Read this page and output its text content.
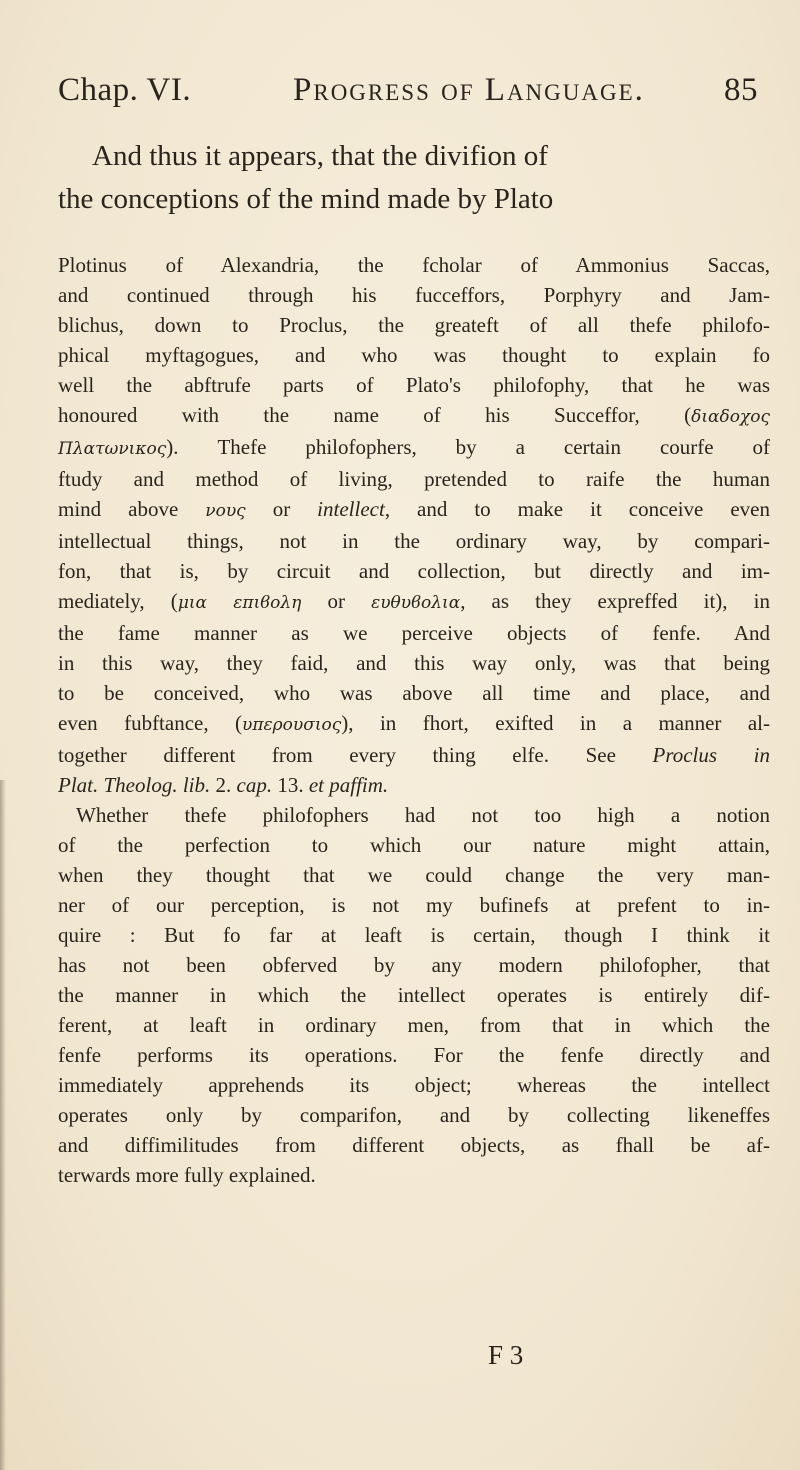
Chap. VI.	Progress of Language. 85
And thus it appears, that the divifion of
the conceptions of the mind made by Plato
Plotinus of Alexandria, the fcholar of Ammonius Saccas,
and continued through his fucceffors, Porphyry and Jam-
blichus, down to Proclus, the greateft of all thefe philofo-
phical myftagogues, and who was thought to explain fo
well the abftrufe parts of Plato's philofophy, that he was
honoured with the name of his Succeffor, (διαδοχος
Πλατωνικος). Thefe philofophers, by a certain courfe of
ftudy and method of living, pretended to raife the human
mind above νους or intellect, and to make it conceive even
intellectual things, not in the ordinary way, by compari-
fon, that is, by circuit and collection, but directly and im-
mediately, (μια επιϐολη or ευθυϐολια, as they expreffed it), in
the fame manner as we perceive objects of fenfe. And
in this way, they faid, and this way only, was that being
to be conceived, who was above all time and place, and
even fubftance, (υπερουσιος), in fhort, exifted in a manner al-
together different from every thing elfe. See Proclus in
Plat. Theolog. lib. 2. cap. 13. et paffim.
Whether thefe philofophers had not too high a notion
of the perfection to which our nature might attain,
when they thought that we could change the very man-
ner of our perception, is not my bufinefs at prefent to in-
quire : But fo far at leaft is certain, though I think it
has not been obferved by any modern philofopher, that
the manner in which the intellect operates is entirely dif-
ferent, at leaft in ordinary men, from that in which the
fenfe performs its operations. For the fenfe directly and
immediately apprehends its object; whereas the intellect
operates only by comparifon, and by collecting likeneffes
and diffimilitudes from different objects, as fhall be af-
terwards more fully explained.
F 3
